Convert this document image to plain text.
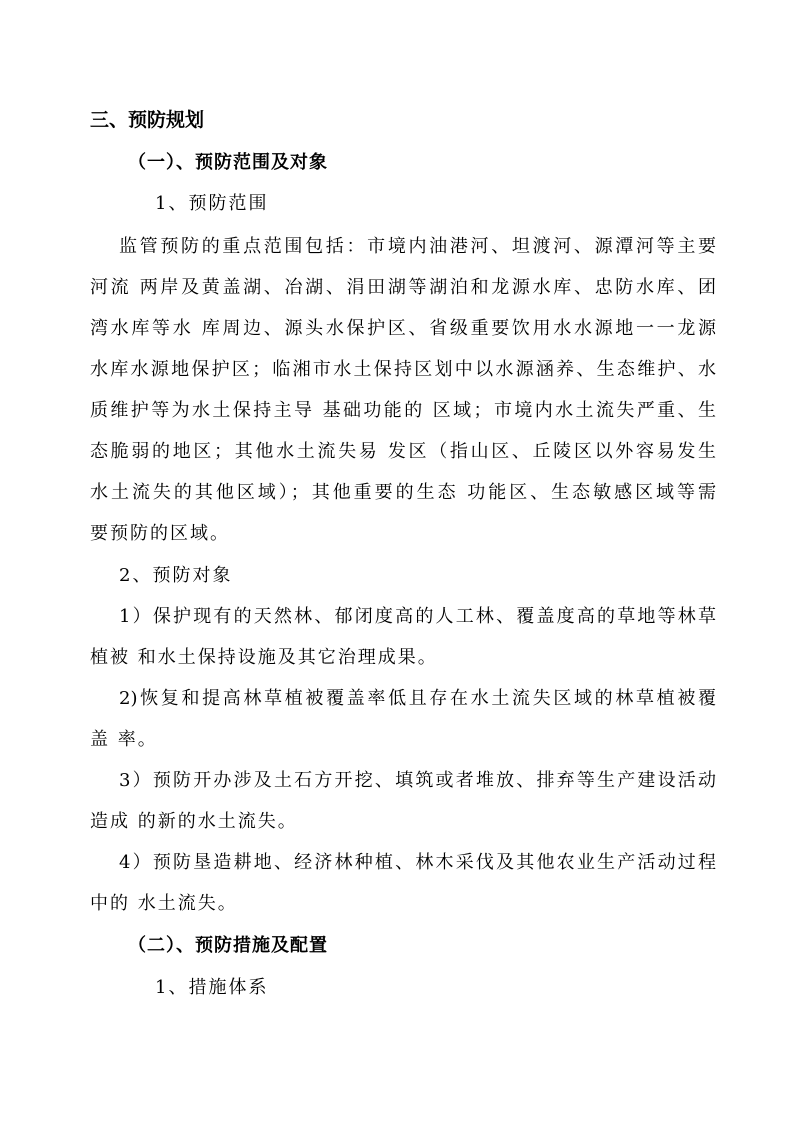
三、预防规划
（一）、预防范围及对象
1、预防范围
监管预防的重点范围包括：市境内油港河、坦渡河、源潭河等主要
河流 两岸及黄盖湖、冶湖、涓田湖等湖泊和龙源水库、忠防水库、团
湾水库等水 库周边、源头水保护区、省级重要饮用水水源地一一龙源
水库水源地保护区；临湘市水土保持区划中以水源涵养、生态维护、水
质维护等为水土保持主导 基础功能的 区域；市境内水土流失严重、生
态脆弱的地区；其他水土流失易 发区（指山区、丘陵区以外容易发生
水土流失的其他区域）；其他重要的生态 功能区、生态敏感区域等需
要预防的区域。
2、预防对象
1）保护现有的天然林、郁闭度高的人工林、覆盖度高的草地等林草
植被 和水土保持设施及其它治理成果。
2)恢复和提高林草植被覆盖率低且存在水土流失区域的林草植被覆
盖 率。
3）预防开办涉及土石方开挖、填筑或者堆放、排弃等生产建设活动
造成 的新的水土流失。
4）预防垦造耕地、经济林种植、林木采伐及其他农业生产活动过程
中的 水土流失。
（二）、预防措施及配置
1、措施体系
